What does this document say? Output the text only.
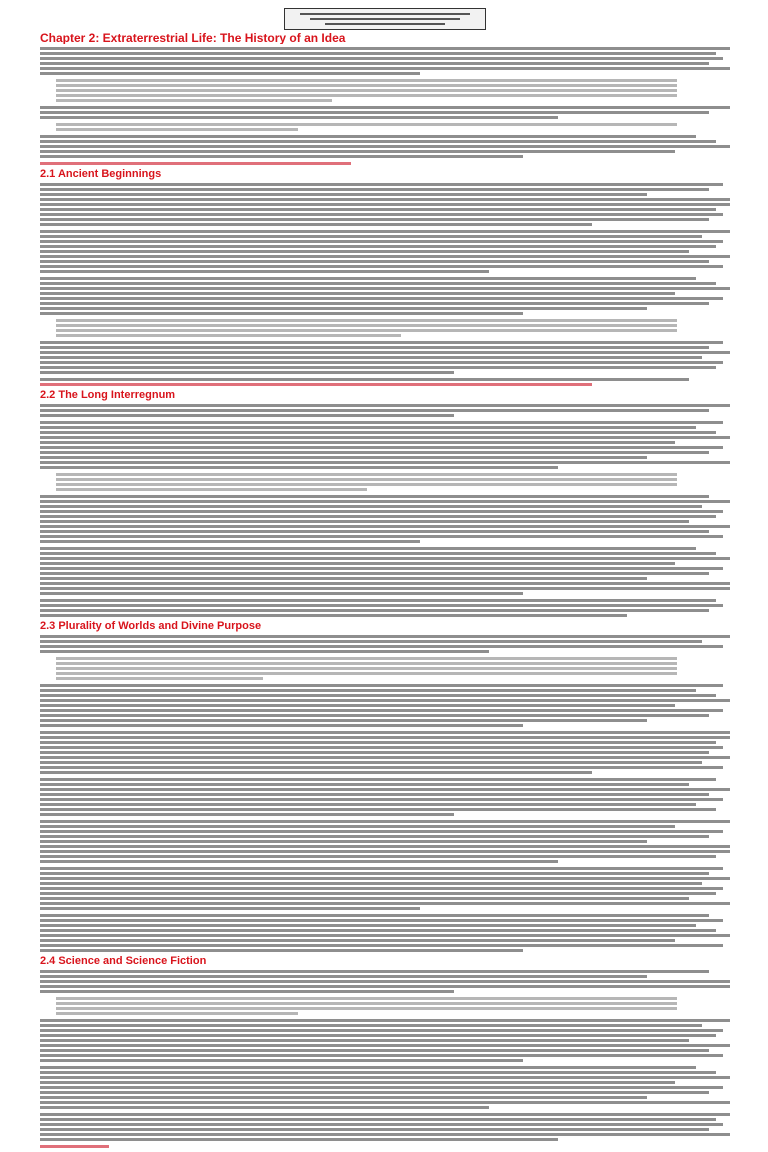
Chapter 2: Extraterrestrial Life: The History of an Idea
2.1 Ancient Beginnings
2.2 The Long Interregnum
2.3 Plurality of Worlds and Divine Purpose
2.4 Science and Science Fiction
